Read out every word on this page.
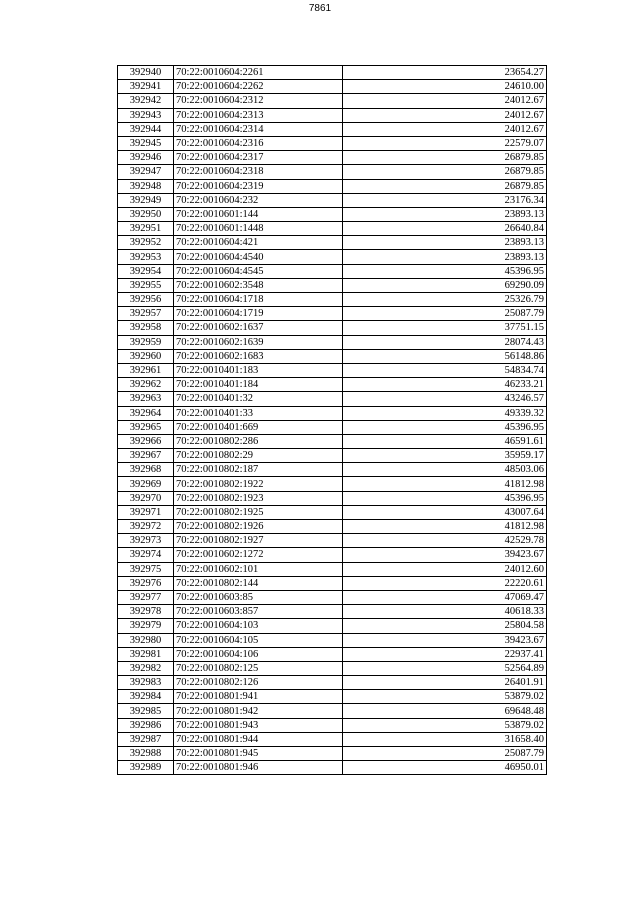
7861
392940	70:22:0010604:2261	23654.27
392941	70:22:0010604:2262	24610.00
392942	70:22:0010604:2312	24012.67
392943	70:22:0010604:2313	24012.67
392944	70:22:0010604:2314	24012.67
392945	70:22:0010604:2316	22579.07
392946	70:22:0010604:2317	26879.85
392947	70:22:0010604:2318	26879.85
392948	70:22:0010604:2319	26879.85
392949	70:22:0010604:232	23176.34
392950	70:22:0010601:144	23893.13
392951	70:22:0010601:1448	26640.84
392952	70:22:0010604:421	23893.13
392953	70:22:0010604:4540	23893.13
392954	70:22:0010604:4545	45396.95
392955	70:22:0010602:3548	69290.09
392956	70:22:0010604:1718	25326.79
392957	70:22:0010604:1719	25087.79
392958	70:22:0010602:1637	37751.15
392959	70:22:0010602:1639	28074.43
392960	70:22:0010602:1683	56148.86
392961	70:22:0010401:183	54834.74
392962	70:22:0010401:184	46233.21
392963	70:22:0010401:32	43246.57
392964	70:22:0010401:33	49339.32
392965	70:22:0010401:669	45396.95
392966	70:22:0010802:286	46591.61
392967	70:22:0010802:29	35959.17
392968	70:22:0010802:187	48503.06
392969	70:22:0010802:1922	41812.98
392970	70:22:0010802:1923	45396.95
392971	70:22:0010802:1925	43007.64
392972	70:22:0010802:1926	41812.98
392973	70:22:0010802:1927	42529.78
392974	70:22:0010602:1272	39423.67
392975	70:22:0010602:101	24012.60
392976	70:22:0010802:144	22220.61
392977	70:22:0010603:85	47069.47
392978	70:22:0010603:857	40618.33
392979	70:22:0010604:103	25804.58
392980	70:22:0010604:105	39423.67
392981	70:22:0010604:106	22937.41
392982	70:22:0010802:125	52564.89
392983	70:22:0010802:126	26401.91
392984	70:22:0010801:941	53879.02
392985	70:22:0010801:942	69648.48
392986	70:22:0010801:943	53879.02
392987	70:22:0010801:944	31658.40
392988	70:22:0010801:945	25087.79
392989	70:22:0010801:946	46950.01
